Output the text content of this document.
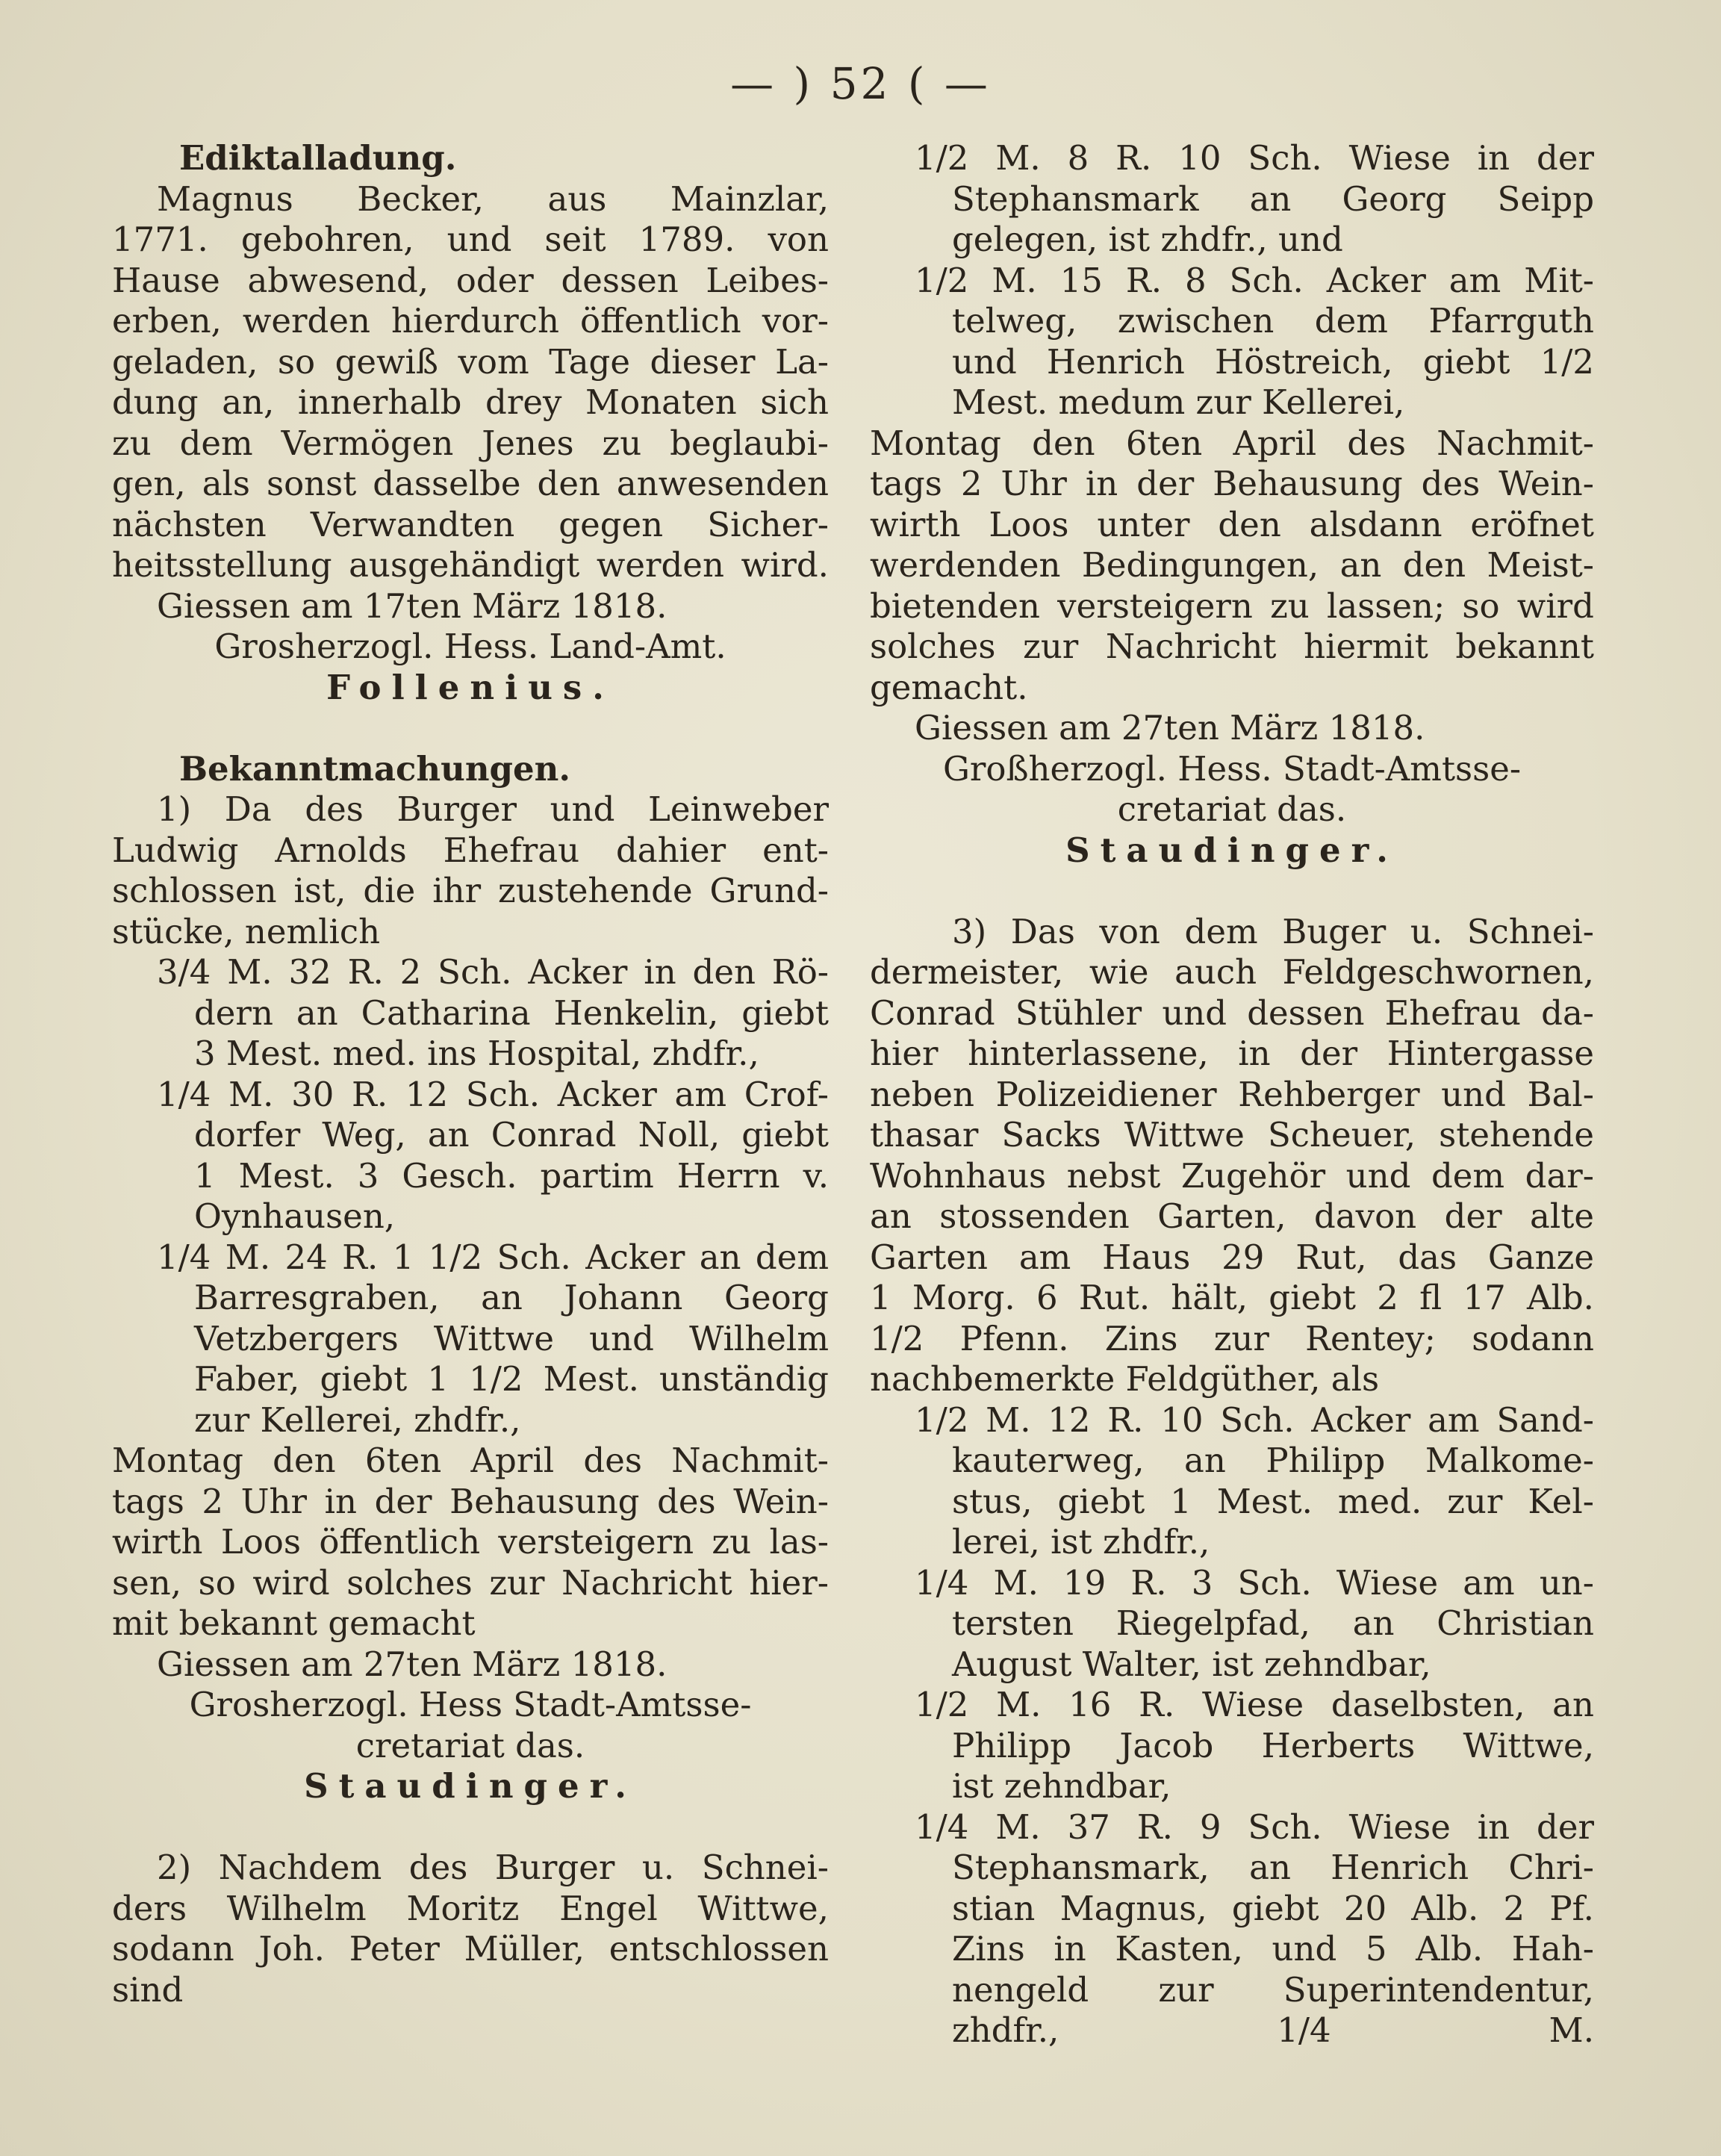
— ) 52 ( —
Ediktalladung.
Magnus Becker, aus Mainzlar,
1771. gebohren, und seit 1789. von
Hause abwesend, oder dessen Leibes-
erben, werden hierdurch öffentlich vor-
geladen, so gewiß vom Tage dieser La-
dung an, innerhalb drey Monaten sich
zu dem Vermögen Jenes zu beglaubi-
gen, als sonst dasselbe den anwesenden
nächsten Verwandten gegen Sicher-
heitsstellung ausgehändigt werden wird.
Giessen am 17ten März 1818.
Grosherzogl. Hess. Land-Amt.
Follenius.
Bekanntmachungen.
1) Da des Burger und Leinweber
Ludwig Arnolds Ehefrau dahier ent-
schlossen ist, die ihr zustehende Grund-
stücke, nemlich
3/4 M. 32 R. 2 Sch. Acker in den Rö-
dern an Catharina Henkelin, giebt
3 Mest. med. ins Hospital, zhdfr.,
1/4 M. 30 R. 12 Sch. Acker am Crof-
dorfer Weg, an Conrad Noll, giebt
1 Mest. 3 Gesch. partim Herrn v.
Oynhausen,
1/4 M. 24 R. 1 1/2 Sch. Acker an dem
Barresgraben, an Johann Georg
Vetzbergers Wittwe und Wilhelm
Faber, giebt 1 1/2 Mest. unständig
zur Kellerei, zhdfr.,
Montag den 6ten April des Nachmit-
tags 2 Uhr in der Behausung des Wein-
wirth Loos öffentlich versteigern zu las-
sen, so wird solches zur Nachricht hier-
mit bekannt gemacht
Giessen am 27ten März 1818.
Grosherzogl. Hess Stadt-Amtsse-
cretariat das.
Staudinger.
2) Nachdem des Burger u. Schnei-
ders Wilhelm Moritz Engel Wittwe,
sodann Joh. Peter Müller, entschlossen
sind
1/2 M. 8 R. 10 Sch. Wiese in der
Stephansmark an Georg Seipp
gelegen, ist zhdfr., und
1/2 M. 15 R. 8 Sch. Acker am Mit-
telweg, zwischen dem Pfarrguth
und Henrich Höstreich, giebt 1/2
Mest. medum zur Kellerei,
Montag den 6ten April des Nachmit-
tags 2 Uhr in der Behausung des Wein-
wirth Loos unter den alsdann eröfnet
werdenden Bedingungen, an den Meist-
bietenden versteigern zu lassen; so wird
solches zur Nachricht hiermit bekannt
gemacht.
Giessen am 27ten März 1818.
Großherzogl. Hess. Stadt-Amtsse-
cretariat das.
Staudinger.
3) Das von dem Buger u. Schnei-
dermeister, wie auch Feldgeschwornen,
Conrad Stühler und dessen Ehefrau da-
hier hinterlassene, in der Hintergasse
neben Polizeidiener Rehberger und Bal-
thasar Sacks Wittwe Scheuer, stehende
Wohnhaus nebst Zugehör und dem dar-
an stossenden Garten, davon der alte
Garten am Haus 29 Rut, das Ganze
1 Morg. 6 Rut. hält, giebt 2 fl 17 Alb.
1/2 Pfenn. Zins zur Rentey; sodann
nachbemerkte Feldgüther, als
1/2 M. 12 R. 10 Sch. Acker am Sand-
kauterweg, an Philipp Malkome-
stus, giebt 1 Mest. med. zur Kel-
lerei, ist zhdfr.,
1/4 M. 19 R. 3 Sch. Wiese am un-
tersten Riegelpfad, an Christian
August Walter, ist zehndbar,
1/2 M. 16 R. Wiese daselbsten, an
Philipp Jacob Herberts Wittwe,
ist zehndbar,
1/4 M. 37 R. 9 Sch. Wiese in der
Stephansmark, an Henrich Chri-
stian Magnus, giebt 20 Alb. 2 Pf.
Zins in Kasten, und 5 Alb. Hah-
nengeld zur Superintendentur,
zhdfr.,	1/4 M.
